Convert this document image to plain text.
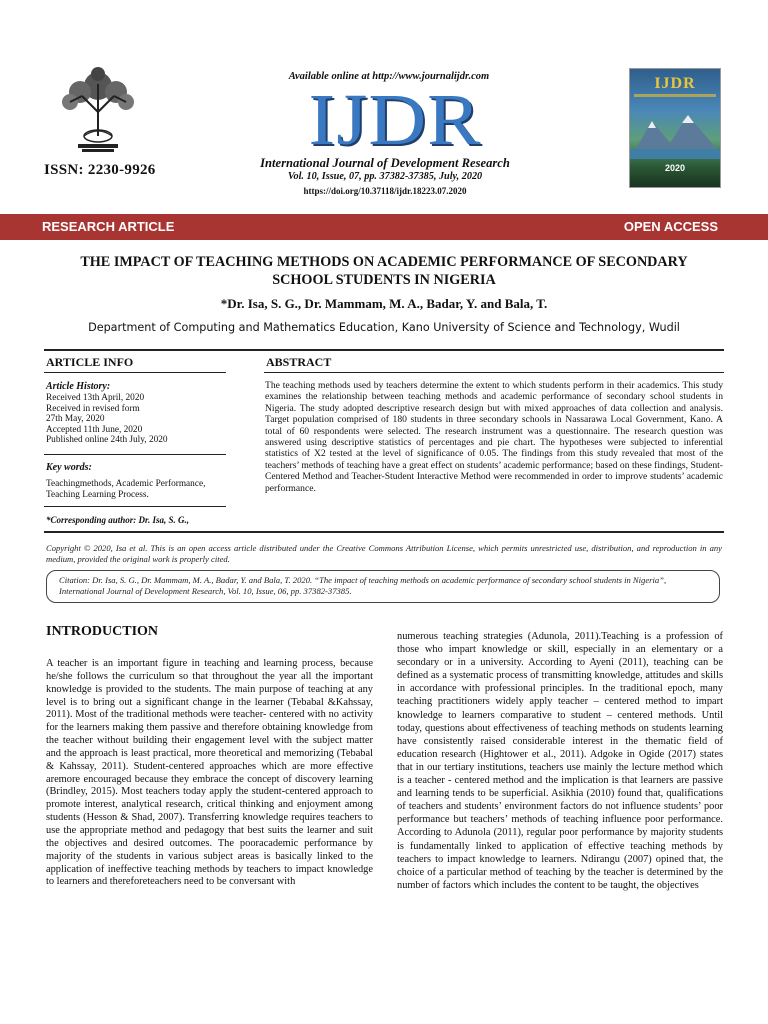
ISSN: 2230-9926
Available online at http://www.journalijdr.com
IJDR
International Journal of Development Research
Vol. 10, Issue, 07, pp. 37382-37385, July, 2020
https://doi.org/10.37118/ijdr.18223.07.2020
IJDR
2020
RESEARCH ARTICLE	OPEN ACCESS
THE IMPACT OF TEACHING METHODS ON ACADEMIC PERFORMANCE OF SECONDARY
SCHOOL STUDENTS IN NIGERIA
*Dr. Isa, S. G., Dr. Mammam, M. A., Badar, Y. and Bala, T.
Department of Computing and Mathematics Education, Kano University of Science and Technology, Wudil
ARTICLE INFO
Article History:
Received 13th April, 2020
Received in revised form
27th May, 2020
Accepted 11th June, 2020
Published online 24th July, 2020
Key words:
Teachingmethods, Academic Performance, Teaching Learning Process.
*Corresponding author: Dr. Isa, S. G.,
ABSTRACT
The teaching methods used by teachers determine the extent to which students perform in their academics. This study examines the relationship between teaching methods and academic performance of secondary school students in Nigeria. The study adopted descriptive research design but with mixed approaches of data collection and analysis. Target population comprised of 180 students in three secondary schools in Nassarawa Local Government, Kano. A total of 60 respondents were selected. The research instrument was a questionnaire. The research question was answered using descriptive statistics of percentages and pie chart. The hypotheses were subjected to inferential statistics of X2 tested at the level of significance of 0.05. The findings from this study revealed that most of the teachers’ methods of teaching have a great effect on students’ academic performance; based on these findings, Student-Centered Method and Teacher-Student Interactive Method were recommended in order to improve students’ academic performance.
Copyright © 2020, Isa et al. This is an open access article distributed under the Creative Commons Attribution License, which permits unrestricted use, distribution, and reproduction in any medium, provided the original work is properly cited.
Citation: Dr. Isa, S. G., Dr. Mammam, M. A., Badar, Y. and Bala, T. 2020. “The impact of teaching methods on academic performance of secondary school students in Nigeria”, International Journal of Development Research, Vol. 10, Issue, 06, pp. 37382-37385.
INTRODUCTION

A teacher is an important figure in teaching and learning process, because he/she follows the curriculum so that throughout the year all the important knowledge is provided to the students. The main purpose of teaching at any level is to bring out a significant change in the learner (Tebabal &Kahssay, 2011). Most of the traditional methods were teacher- centered with no activity for the learners making them passive and therefore obtaining knowledge from the teacher without building their engagement level with the subject matter and the approach is least practical, more theoretical and memorizing (Tebabal & Kahssay, 2011). Student-centered approaches which are more effective aremore encouraged because they embrace the concept of discovery learning (Brindley, 2015). Most teachers today apply the student-centered approach to promote interest, analytical research, critical thinking and enjoyment among students (Hesson & Shad, 2007). Transferring knowledge requires teachers to use the appropriate method and pedagogy that best suits the learner and suit the objectives and desired outcomes. The pooracademic performance by majority of the students in various subject areas is basically linked to the application of ineffective teaching methods by teachers to impact knowledge to learners and thereforeteachers need to be conversant with

numerous teaching strategies (Adunola, 2011).Teaching is a profession of those who impart knowledge or skill, especially in an elementary or a secondary or in a university. According to Ayeni (2011), teaching can be defined as a systematic process of transmitting knowledge, attitudes and skills in accordance with professional principles. In the traditional epoch, many teaching practitioners widely apply teacher – centered method to impart knowledge to learners comparative to student – centered methods. Until today, questions about effectiveness of teaching methods on students learning have consistently raised considerable interest in the thematic field of education research (Hightower et al., 2011). Adgoke in Ogide (2017) states that in our tertiary institutions, teachers use mainly the lecture method which is a teacher - centered method and the implication is that learners are passive and learning tends to be superficial. Asikhia (2010) found that, qualifications of teachers and students’ environment factors do not influence students’ poor performance but teachers’ methods of teaching influence poor performance. According to Adunola (2011), regular poor performance by majority students is fundamentally linked to application of effective teaching methods by teachers to impact knowledge to learners. Ndirangu (2007) opined that, the choice of a particular method of teaching by the teacher is determined by the number of factors which includes the content to be taught, the objectives
